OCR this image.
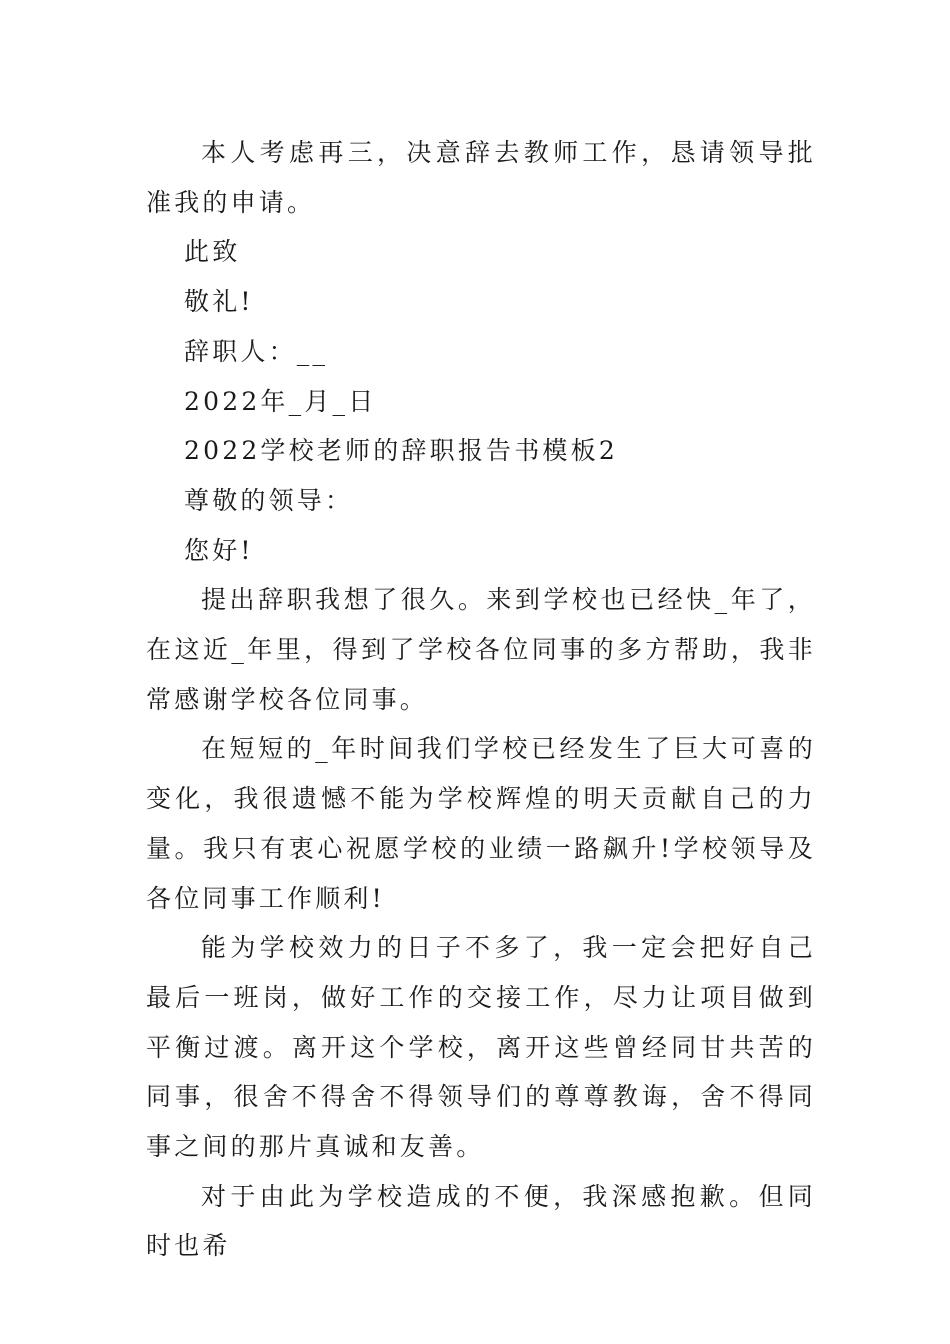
本人考虑再三，决意辞去教师工作，恳请领导批准我的申请。

此致

敬礼!

辞职人：__

2022年_月_日

2022学校老师的辞职报告书模板2

尊敬的领导：

您好!

提出辞职我想了很久。来到学校也已经快_年了，在这近_年里，得到了学校各位同事的多方帮助，我非常感谢学校各位同事。

在短短的_年时间我们学校已经发生了巨大可喜的变化，我很遗憾不能为学校辉煌的明天贡献自己的力量。我只有衷心祝愿学校的业绩一路飙升!学校领导及各位同事工作顺利!

能为学校效力的日子不多了，我一定会把好自己最后一班岗，做好工作的交接工作，尽力让项目做到平衡过渡。离开这个学校，离开这些曾经同甘共苦的同事，很舍不得舍不得领导们的尊尊教诲，舍不得同事之间的那片真诚和友善。

对于由此为学校造成的不便，我深感抱歉。但同时也希
